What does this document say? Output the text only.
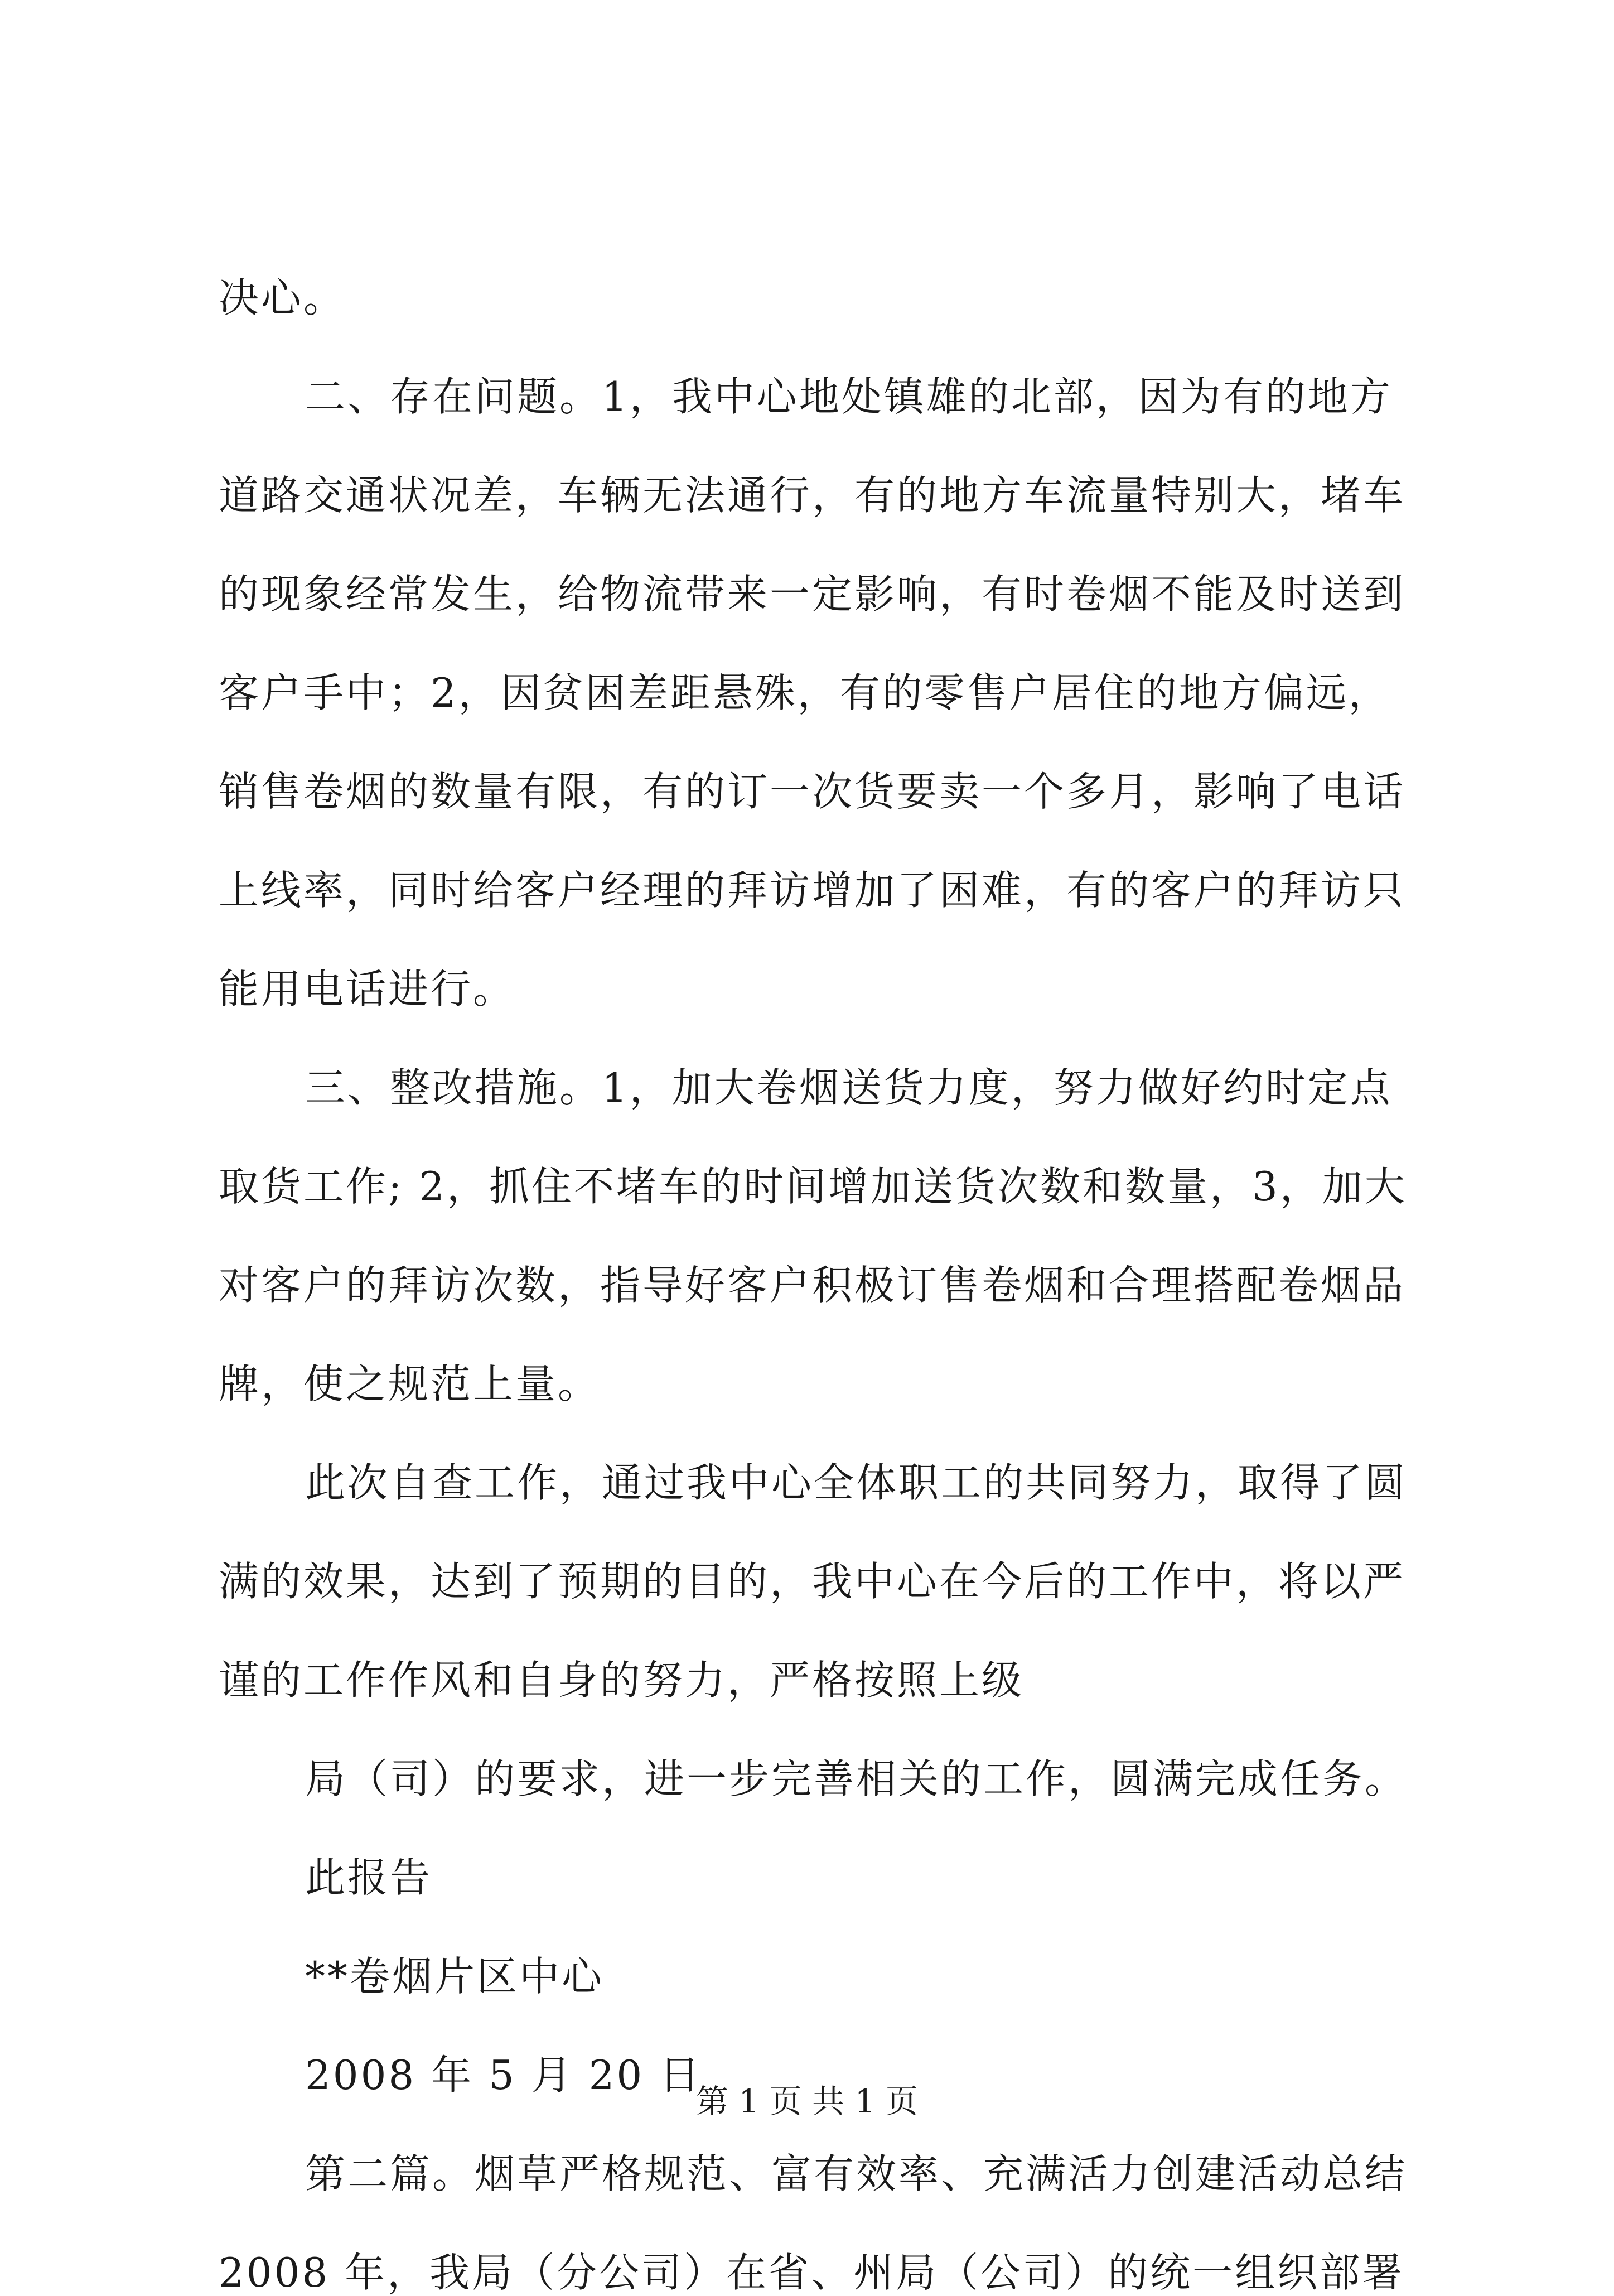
决心。
二、存在问题。1，我中心地处镇雄的北部，因为有的地方
道路交通状况差，车辆无法通行，有的地方车流量特别大，堵车
的现象经常发生，给物流带来一定影响，有时卷烟不能及时送到
客户手中；2，因贫困差距悬殊，有的零售户居住的地方偏远，
销售卷烟的数量有限，有的订一次货要卖一个多月，影响了电话
上线率，同时给客户经理的拜访增加了困难，有的客户的拜访只
能用电话进行。
三、整改措施。1，加大卷烟送货力度，努力做好约时定点
取货工作; 2，抓住不堵车的时间增加送货次数和数量，3，加大
对客户的拜访次数，指导好客户积极订售卷烟和合理搭配卷烟品
牌，使之规范上量。
此次自查工作，通过我中心全体职工的共同努力，取得了圆
满的效果，达到了预期的目的，我中心在今后的工作中，将以严
谨的工作作风和自身的努力，严格按照上级
局（司）的要求，进一步完善相关的工作，圆满完成任务。
此报告
**卷烟片区中心
2008 年 5 月 20 日
第二篇。烟草严格规范、富有效率、充满活力创建活动总结
2008 年，我局（分公司）在省、州局（公司）的统一组织部署
第 1 页 共 1 页
